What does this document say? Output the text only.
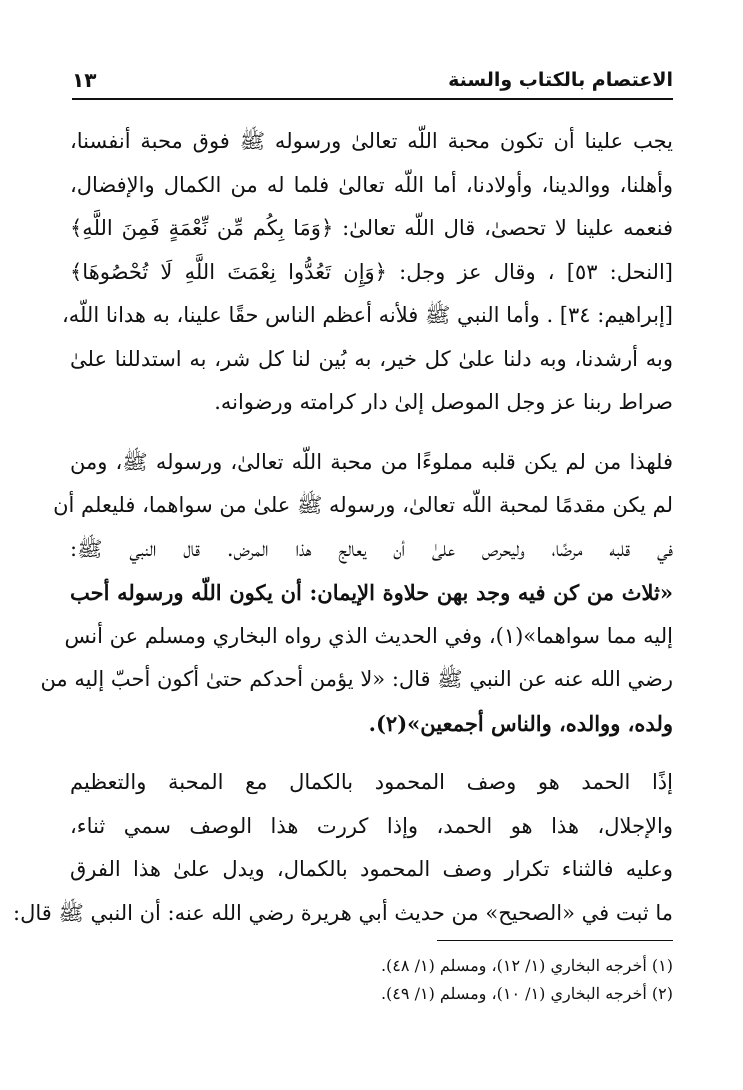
الاعتصام بالكتاب والسنة
١٣

يجب علينا أن تكون محبة اللّه تعالىٰ ورسوله ﷺ فوق محبة أنفسنا،
وأهلنا، ووالدينا، وأولادنا، أما اللّه تعالىٰ فلما له من الكمال والإفضال،
فنعمه علينا لا تحصىٰ، قال اللّه تعالىٰ: ﴿وَمَا بِكُم مِّن نِّعْمَةٍ فَمِنَ اللَّهِ﴾
[النحل: ٥٣] ، وقال عز وجل: ﴿وَإِن تَعُدُّوا نِعْمَتَ اللَّهِ لَا تُحْصُوهَا﴾
[إبراهيم: ٣٤] . وأما النبي ﷺ فلأنه أعظم الناس حقًا علينا، به هدانا اللّه،
وبه أرشدنا، وبه دلنا علىٰ كل خير، به بُين لنا كل شر، به استدللنا علىٰ
صراط ربنا عز وجل الموصل إلىٰ دار كرامته ورضوانه.

فلهذا من لم يكن قلبه مملوءًا من محبة اللّه تعالىٰ، ورسوله ﷺ، ومن
لم يكن مقدمًا لمحبة اللّه تعالىٰ، ورسوله ﷺ علىٰ من سواهما، فليعلم أن
في قلبه مرضًا، وليحرص علىٰ أن يعالج هذا المرض. قال النبي ﷺ:
«ثلاث من كن فيه وجد بهن حلاوة الإيمان: أن يكون اللّه ورسوله أحب
إليه مما سواهما»(١)، وفي الحديث الذي رواه البخاري ومسلم عن أنس
رضي الله عنه عن النبي ﷺ قال: «لا يؤمن أحدكم حتىٰ أكون أحبّ إليه من
ولده، ووالده، والناس أجمعين»(٢).

إذًا الحمد هو وصف المحمود بالكمال مع المحبة والتعظيم
والإجلال، هذا هو الحمد، وإذا كررت هذا الوصف سمي ثناء،
وعليه فالثناء تكرار وصف المحمود بالكمال، ويدل علىٰ هذا الفرق
ما ثبت في «الصحيح» من حديث أبي هريرة رضي الله عنه: أن النبي ﷺ قال:

(١) أخرجه البخاري (١/ ١٢)، ومسلم (١/ ٤٨).
(٢) أخرجه البخاري (١/ ١٠)، ومسلم (١/ ٤٩).
